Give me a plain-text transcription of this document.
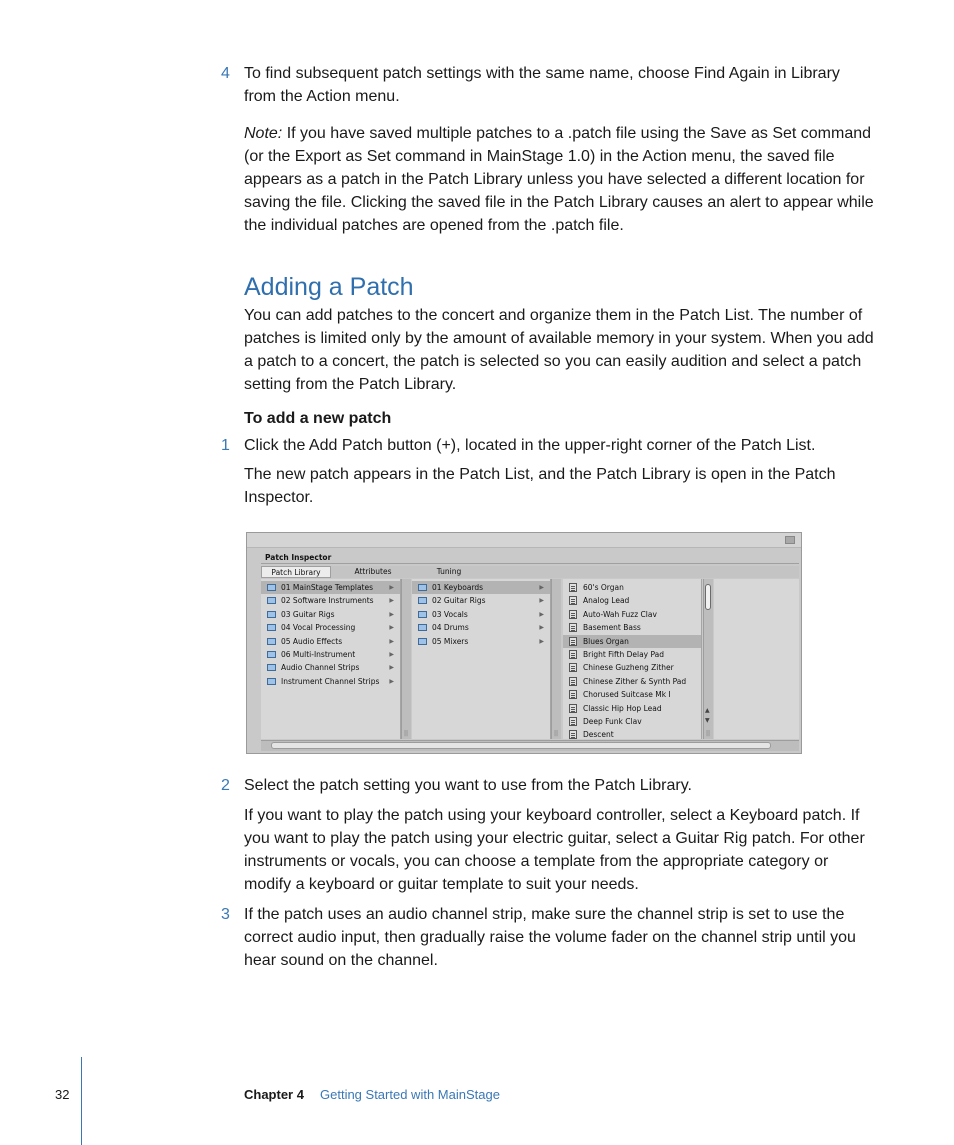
4 To find subsequent patch settings with the same name, choose Find Again in Library from the Action menu.
Note: If you have saved multiple patches to a .patch file using the Save as Set command (or the Export as Set command in MainStage 1.0) in the Action menu, the saved file appears as a patch in the Patch Library unless you have selected a different location for saving the file. Clicking the saved file in the Patch Library causes an alert to appear while the individual patches are opened from the .patch file.
Adding a Patch
You can add patches to the concert and organize them in the Patch List. The number of patches is limited only by the amount of available memory in your system. When you add a patch to a concert, the patch is selected so you can easily audition and select a patch setting from the Patch Library.
To add a new patch
1 Click the Add Patch button (+), located in the upper-right corner of the Patch List.
The new patch appears in the Patch List, and the Patch Library is open in the Patch Inspector.
Patch Inspector
Patch Library	Attributes	Tuning
01 MainStage Templates	▶
02 Software Instruments	▶
03 Guitar Rigs	▶
04 Vocal Processing	▶
05 Audio Effects	▶
06 Multi-Instrument	▶
Audio Channel Strips	▶
Instrument Channel Strips ▶
||
01 Keyboards	▶
02 Guitar Rigs	▶
03 Vocals	▶
04 Drums	▶
05 Mixers	▶
||
60's Organ
Analog Lead
Auto-Wah Fuzz Clav
Basement Bass
Blues Organ
Bright Fifth Delay Pad
Chinese Guzheng Zither
Chinese Zither & Synth Pad
Chorused Suitcase Mk I
Classic Hip Hop Lead
Deep Funk Clav
Descent
▲
▼
||
2 Select the patch setting you want to use from the Patch Library.
If you want to play the patch using your keyboard controller, select a Keyboard patch. If you want to play the patch using your electric guitar, select a Guitar Rig patch. For other instruments or vocals, you can choose a template from the appropriate category or modify a keyboard or guitar template to suit your needs.
3 If the patch uses an audio channel strip, make sure the channel strip is set to use the correct audio input, then gradually raise the volume fader on the channel strip until you hear sound on the channel.
32	Chapter 4 Getting Started with MainStage
